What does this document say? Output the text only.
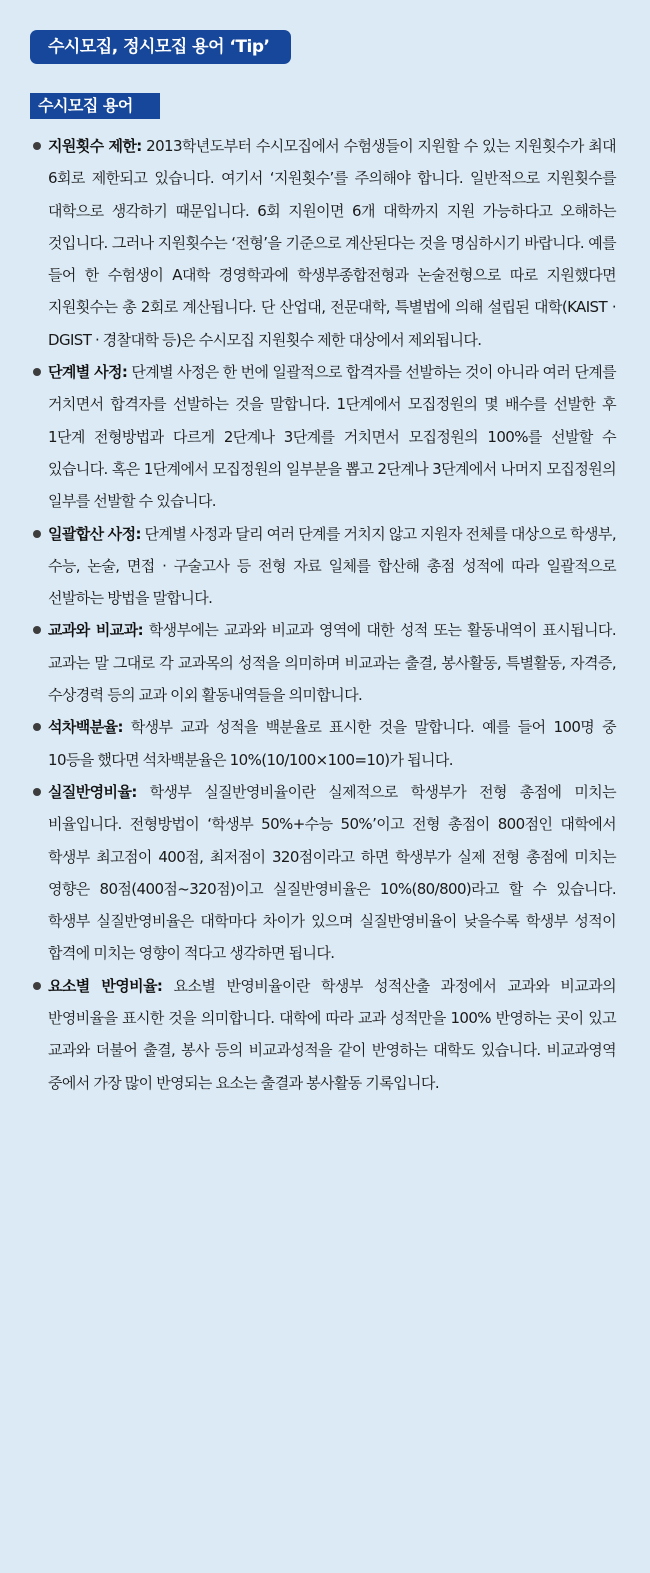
수시모집, 정시모집 용어 ‘Tip’
수시모집 용어
지원횟수 제한: 2013학년도부터 수시모집에서 수험생들이 지원할 수 있는 지원횟수가 최대 6회로 제한되고 있습니다. 여기서 ‘지원횟수’를 주의해야 합니다. 일반적으로 지원횟수를 대학으로 생각하기 때문입니다. 6회 지원이면 6개 대학까지 지원 가능하다고 오해하는 것입니다. 그러나 지원횟수는 ‘전형’을 기준으로 계산된다는 것을 명심하시기 바랍니다. 예를 들어 한 수험생이 A대학 경영학과에 학생부종합전형과 논술전형으로 따로 지원했다면 지원횟수는 총 2회로 계산됩니다. 단 산업대, 전문대학, 특별법에 의해 설립된 대학(KAIST · DGIST · 경찰대학 등)은 수시모집 지원횟수 제한 대상에서 제외됩니다.
단계별 사정: 단계별 사정은 한 번에 일괄적으로 합격자를 선발하는 것이 아니라 여러 단계를 거치면서 합격자를 선발하는 것을 말합니다. 1단계에서 모집정원의 몇 배수를 선발한 후 1단계 전형방법과 다르게 2단계나 3단계를 거치면서 모집정원의 100%를 선발할 수 있습니다. 혹은 1단계에서 모집정원의 일부분을 뽑고 2단계나 3단계에서 나머지 모집정원의 일부를 선발할 수 있습니다.
일괄합산 사정: 단계별 사정과 달리 여러 단계를 거치지 않고 지원자 전체를 대상으로 학생부, 수능, 논술, 면접 · 구술고사 등 전형 자료 일체를 합산해 총점 성적에 따라 일괄적으로 선발하는 방법을 말합니다.
교과와 비교과: 학생부에는 교과와 비교과 영역에 대한 성적 또는 활동내역이 표시됩니다. 교과는 말 그대로 각 교과목의 성적을 의미하며 비교과는 출결, 봉사활동, 특별활동, 자격증, 수상경력 등의 교과 이외 활동내역들을 의미합니다.
석차백분율: 학생부 교과 성적을 백분율로 표시한 것을 말합니다. 예를 들어 100명 중 10등을 했다면 석차백분율은 10%(10/100×100=10)가 됩니다.
실질반영비율: 학생부 실질반영비율이란 실제적으로 학생부가 전형 총점에 미치는 비율입니다. 전형방법이 ‘학생부 50%+수능 50%’이고 전형 총점이 800점인 대학에서 학생부 최고점이 400점, 최저점이 320점이라고 하면 학생부가 실제 전형 총점에 미치는 영향은 80점(400점~320점)이고 실질반영비율은 10%(80/800)라고 할 수 있습니다. 학생부 실질반영비율은 대학마다 차이가 있으며 실질반영비율이 낮을수록 학생부 성적이 합격에 미치는 영향이 적다고 생각하면 됩니다.
요소별 반영비율: 요소별 반영비율이란 학생부 성적산출 과정에서 교과와 비교과의 반영비율을 표시한 것을 의미합니다. 대학에 따라 교과 성적만을 100% 반영하는 곳이 있고 교과와 더불어 출결, 봉사 등의 비교과성적을 같이 반영하는 대학도 있습니다. 비교과영역 중에서 가장 많이 반영되는 요소는 출결과 봉사활동 기록입니다.
